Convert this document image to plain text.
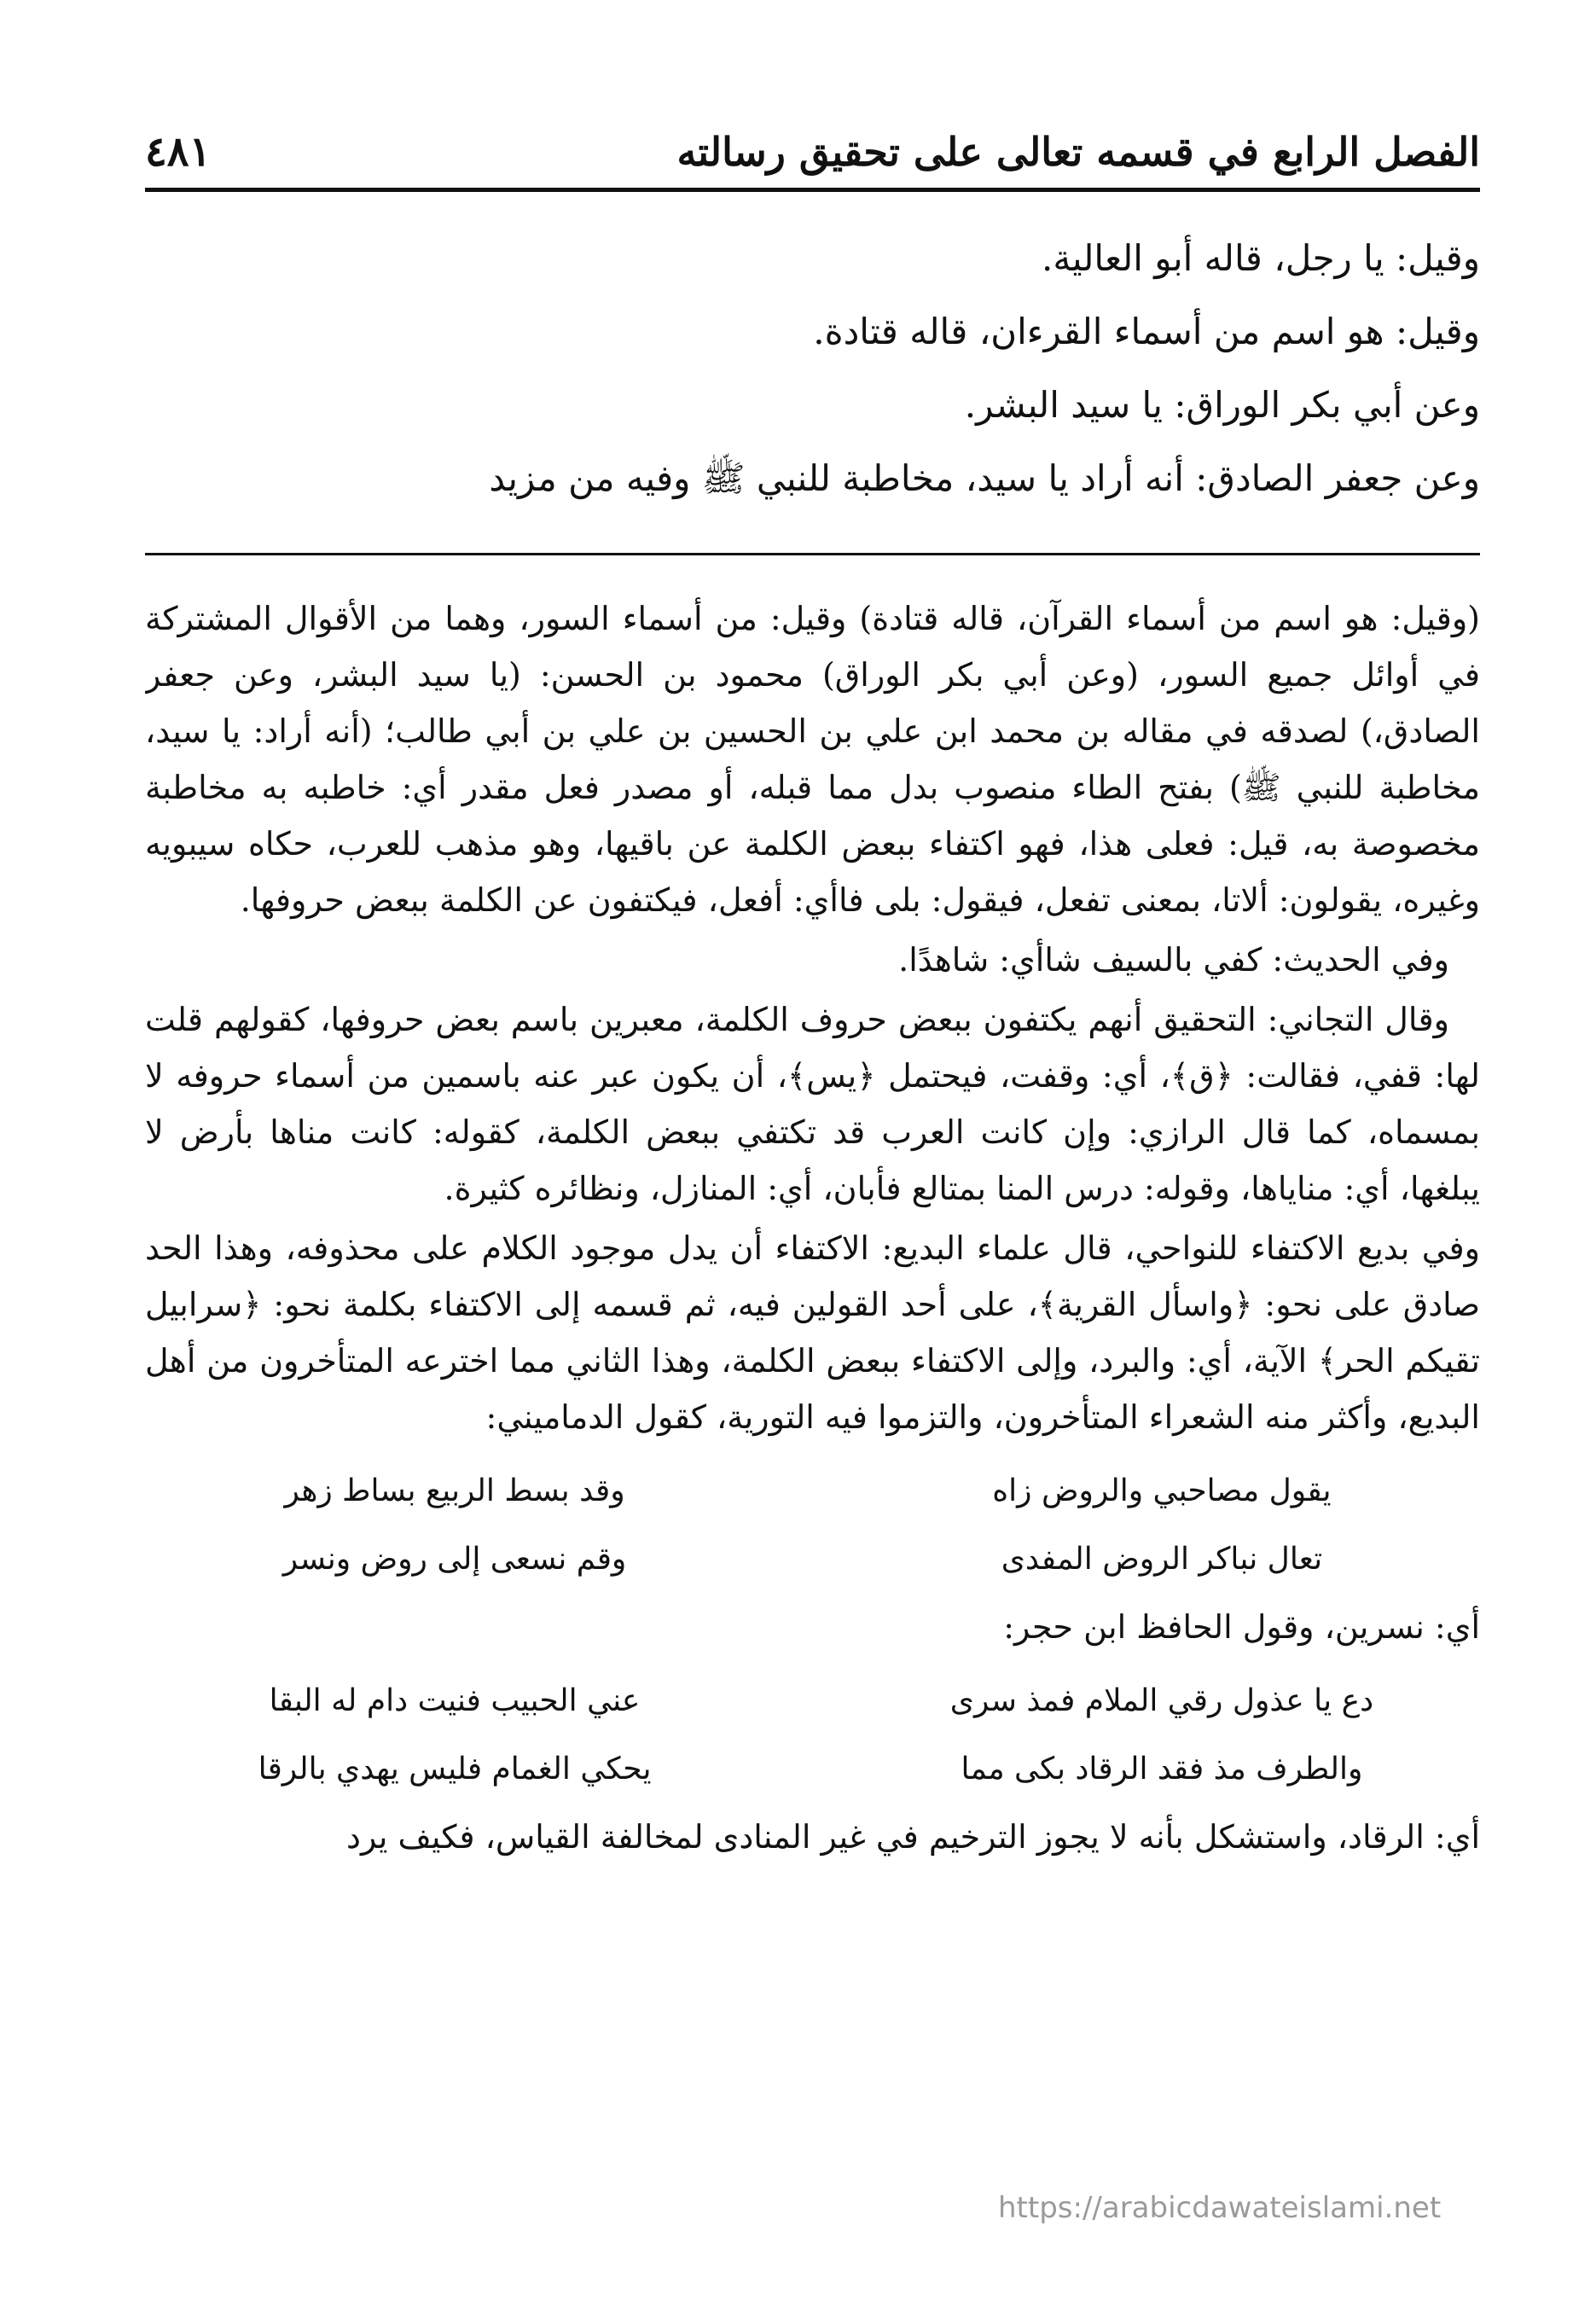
الفصل الرابع في قسمه تعالى على تحقيق رسالته
٤٨١

وقيل: يا رجل، قاله أبو العالية.

وقيل: هو اسم من أسماء القرءان، قاله قتادة.

وعن أبي بكر الوراق: يا سيد البشر.

وعن جعفر الصادق: أنه أراد يا سيد، مخاطبة للنبي ﷺ وفيه من مزيد

(وقيل: هو اسم من أسماء القرآن، قاله قتادة) وقيل: من أسماء السور، وهما من الأقوال المشتركة في أوائل جميع السور، (وعن أبي بكر الوراق) محمود بن الحسن: (يا سيد البشر، وعن جعفر الصادق،) لصدقه في مقاله بن محمد ابن علي بن الحسين بن علي بن أبي طالب؛ (أنه أراد: يا سيد، مخاطبة للنبي ﷺ) بفتح الطاء منصوب بدل مما قبله، أو مصدر فعل مقدر أي: خاطبه به مخاطبة مخصوصة به، قيل: فعلى هذا، فهو اكتفاء ببعض الكلمة عن باقيها، وهو مذهب للعرب، حكاه سيبويه وغيره، يقولون: ألاتا، بمعنى تفعل، فيقول: بلى فاأي: أفعل، فيكتفون عن الكلمة ببعض حروفها.

وفي الحديث: كفي بالسيف شاأي: شاهدًا.

وقال التجاني: التحقيق أنهم يكتفون ببعض حروف الكلمة، معبرين باسم بعض حروفها، كقولهم قلت لها: قفي، فقالت: ﴿ق﴾، أي: وقفت، فيحتمل ﴿يس﴾، أن يكون عبر عنه باسمين من أسماء حروفه لا بمسماه، كما قال الرازي: وإن كانت العرب قد تكتفي ببعض الكلمة، كقوله: كانت مناها بأرض لا يبلغها، أي: مناياها، وقوله: درس المنا بمتالع فأبان، أي: المنازل، ونظائره كثيرة.

وفي بديع الاكتفاء للنواحي، قال علماء البديع: الاكتفاء أن يدل موجود الكلام على محذوفه، وهذا الحد صادق على نحو: ﴿واسأل القرية﴾، على أحد القولين فيه، ثم قسمه إلى الاكتفاء بكلمة نحو: ﴿سرابيل تقيكم الحر﴾ الآية، أي: والبرد، وإلى الاكتفاء ببعض الكلمة، وهذا الثاني مما اخترعه المتأخرون من أهل البديع، وأكثر منه الشعراء المتأخرون، والتزموا فيه التورية، كقول الدماميني:

يقول مصاحبي والروض زاه
وقد بسط الربيع بساط زهر
تعال نباكر الروض المفدى
وقم نسعى إلى روض ونسر

أي: نسرين، وقول الحافظ ابن حجر:

دع يا عذول رقي الملام فمذ سرى
عني الحبيب فنيت دام له البقا
والطرف مذ فقد الرقاد بكى مما
يحكي الغمام فليس يهدي بالرقا

أي: الرقاد، واستشكل بأنه لا يجوز الترخيم في غير المنادى لمخالفة القياس، فكيف يرد

https://arabicdawateislami.net
